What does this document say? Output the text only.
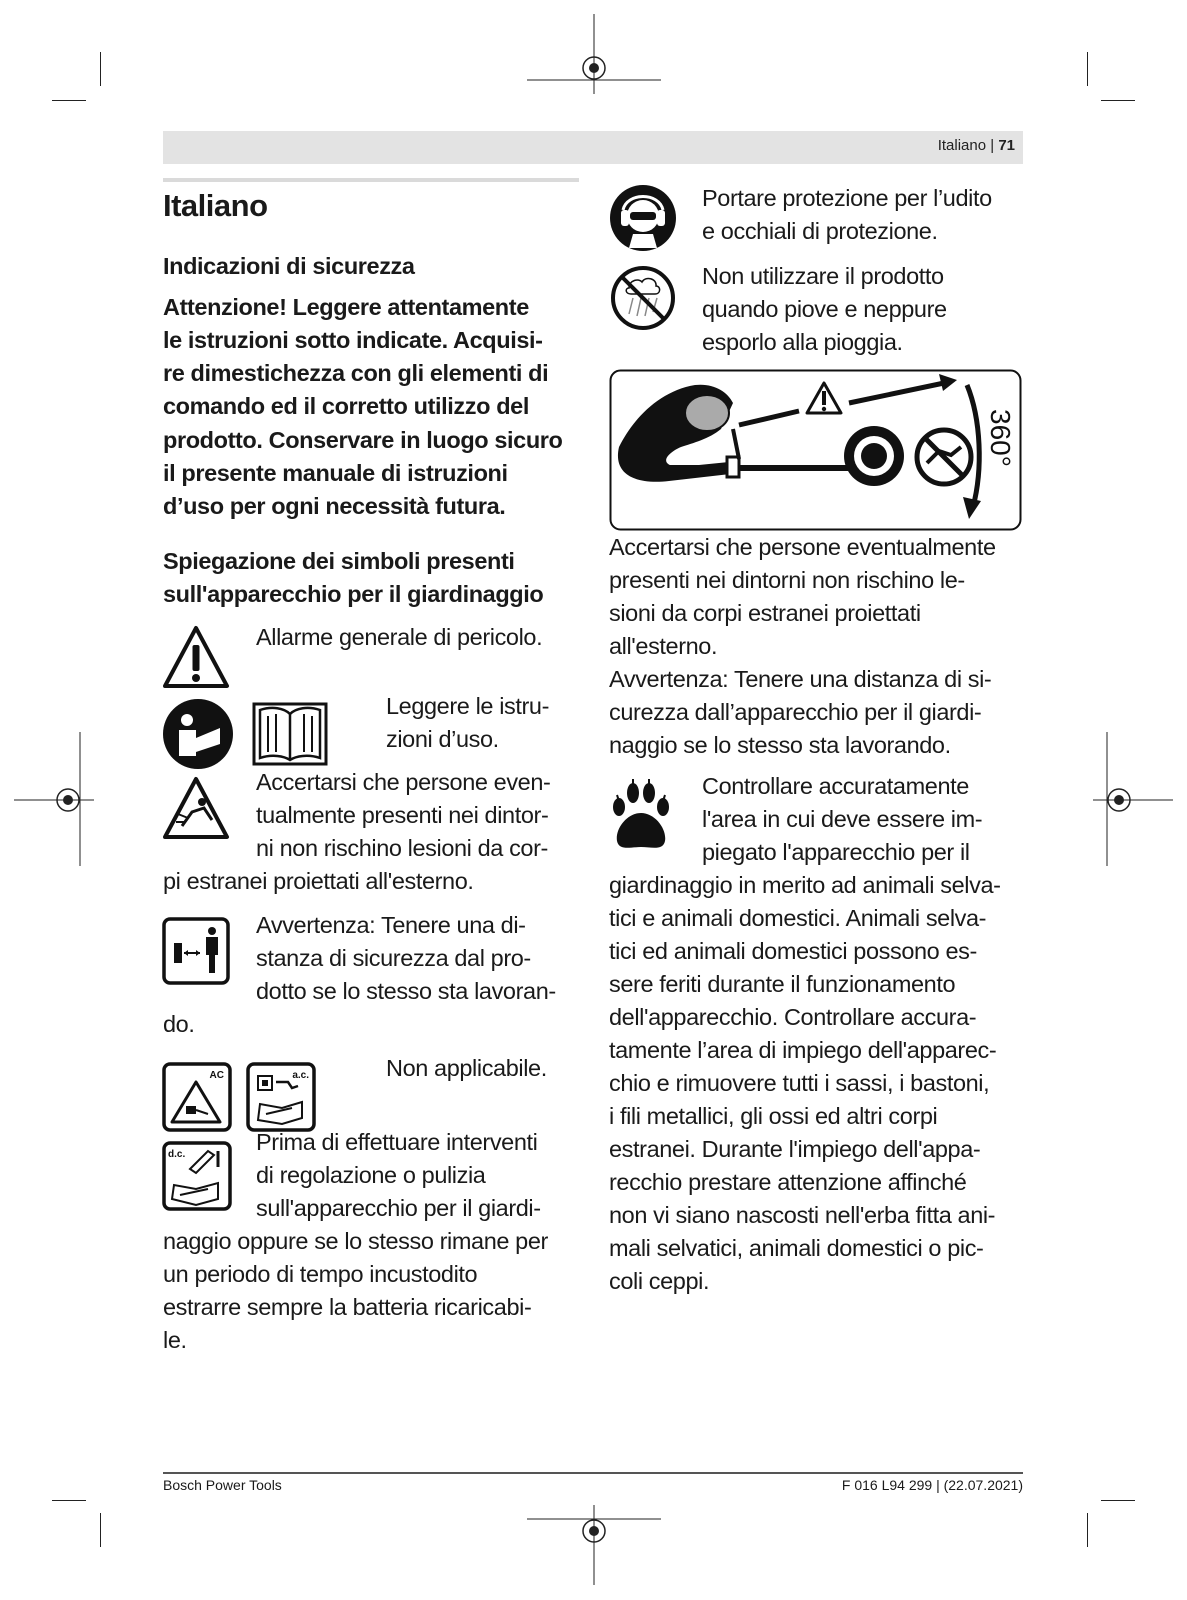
Italiano | 71
Italiano
Indicazioni di sicurezza
Attenzione! Leggere attentamente
le istruzioni sotto indicate. Acquisi-
re dimestichezza con gli elementi di
comando ed il corretto utilizzo del
prodotto. Conservare in luogo sicuro
il presente manuale di istruzioni
d’uso per ogni necessità futura.
Spiegazione dei simboli presenti
sull'apparecchio per il giardinaggio
Allarme generale di pericolo.
Leggere le istru-
zioni d’uso.
Accertarsi che persone even-
tualmente presenti nei dintor-
ni non rischino lesioni da cor-
pi estranei proiettati all'esterno.
Avvertenza: Tenere una di-
stanza di sicurezza dal pro-
dotto se lo stesso sta lavoran-
do.
AC	a.c.	Non applicabile.
d.c.	Prima di effettuare interventi
di regolazione o pulizia
sull'apparecchio per il giardi-
naggio oppure se lo stesso rimane per
un periodo di tempo incustodito
estrarre sempre la batteria ricaricabi-
le.
Portare protezione per l’udito
e occhiali di protezione.
Non utilizzare il prodotto
quando piove e neppure
esporlo alla pioggia.
360°
Accertarsi che persone eventualmente
presenti nei dintorni non rischino le-
sioni da corpi estranei proiettati
all'esterno.
Avvertenza: Tenere una distanza di si-
curezza dall’apparecchio per il giardi-
naggio se lo stesso sta lavorando.
Controllare accuratamente
l'area in cui deve essere im-
piegato l'apparecchio per il
giardinaggio in merito ad animali selva-
tici e animali domestici. Animali selva-
tici ed animali domestici possono es-
sere feriti durante il funzionamento
dell'apparecchio. Controllare accura-
tamente l’area di impiego dell'apparec-
chio e rimuovere tutti i sassi, i bastoni,
i fili metallici, gli ossi ed altri corpi
estranei. Durante l'impiego dell'appa-
recchio prestare attenzione affinché
non vi siano nascosti nell'erba fitta ani-
mali selvatici, animali domestici o pic-
coli ceppi.
Bosch Power Tools	F 016 L94 299 | (22.07.2021)
